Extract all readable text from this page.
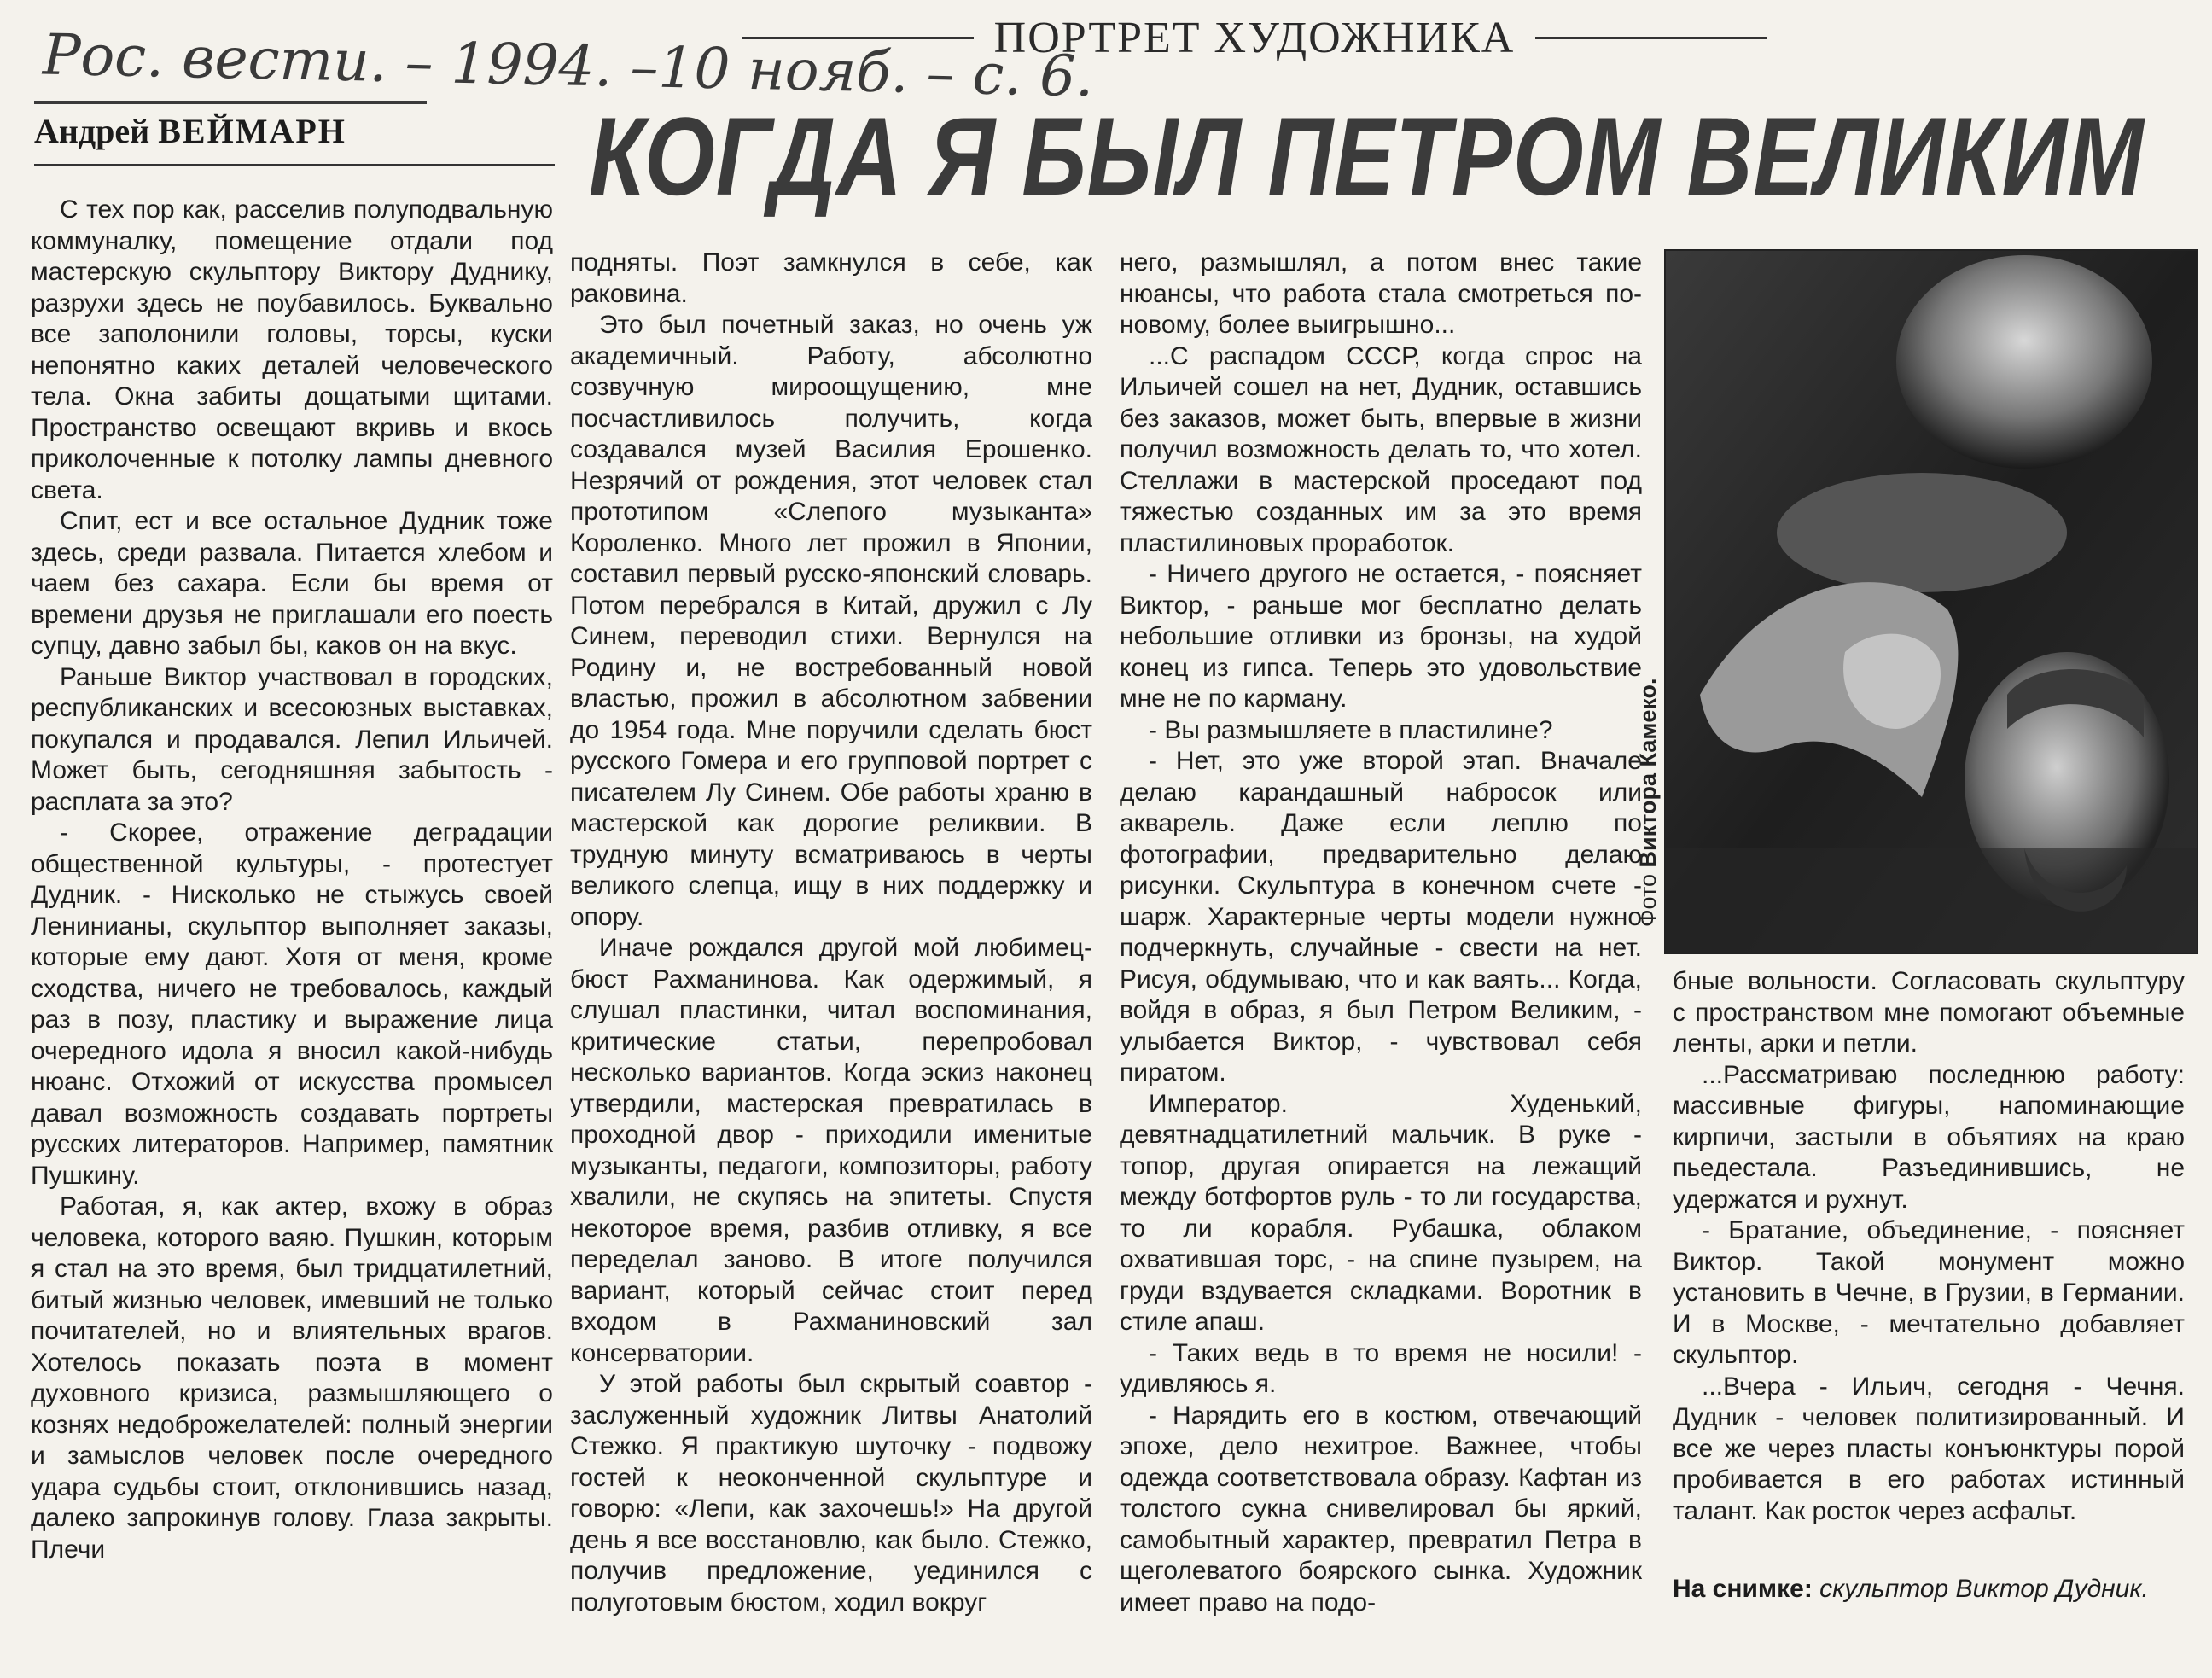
ПОРТРЕТ ХУДОЖНИКА
Рос. вести. – 1994. –10 нояб. – с. 6.
Андрей ВЕЙМАРН	КОГДА Я БЫЛ ПЕТРОМ ВЕЛИКИМ

С тех пор как, расселив полуподвальную коммуналку, помещение отдали под мастерскую скульптору Виктору Дуднику, разрухи здесь не поубавилось. Буквально все заполонили головы, торсы, куски непонятно каких деталей человеческого тела. Окна забиты дощатыми щитами. Пространство освещают вкривь и вкось приколоченные к потолку лампы дневного света.

Спит, ест и все остальное Дудник тоже здесь, среди развала. Питается хлебом и чаем без сахара. Если бы время от времени друзья не приглашали его поесть супцу, давно забыл бы, каков он на вкус.

Раньше Виктор участвовал в городских, республиканских и всесоюзных выставках, покупался и продавался. Лепил Ильичей. Может быть, сегодняшняя забытость - расплата за это?

- Скорее, отражение деградации общественной культуры, - протестует Дудник. - Нисколько не стыжусь своей Ленинианы, скульптор выполняет заказы, которые ему дают. Хотя от меня, кроме сходства, ничего не требовалось, каждый раз в позу, пластику и выражение лица очередного идола я вносил какой-нибудь нюанс. Отхожий от искусства промысел давал возможность создавать портреты русских литераторов. Например, памятник Пушкину.

Работая, я, как актер, вхожу в образ человека, которого ваяю. Пушкин, которым я стал на это время, был тридцатилетний, битый жизнью человек, имевший не только почитателей, но и влиятельных врагов. Хотелось показать поэта в момент духовного кризиса, размышляющего о кознях недоброжелателей: полный энергии и замыслов человек после очередного удара судьбы стоит, отклонившись назад, далеко запрокинув голову. Глаза закрыты. Плечи

подняты. Поэт замкнулся в себе, как раковина.

Это был почетный заказ, но очень уж академичный. Работу, абсолютно созвучную мироощущению, мне посчастливилось получить, когда создавался музей Василия Ерошенко. Незрячий от рождения, этот человек стал прототипом «Слепого музыканта» Короленко. Много лет прожил в Японии, составил первый русско-японский словарь. Потом перебрался в Китай, дружил с Лу Синем, переводил стихи. Вернулся на Родину и, не востребованный новой властью, прожил в абсолютном забвении до 1954 года. Мне поручили сделать бюст русского Гомера и его групповой портрет с писателем Лу Синем. Обе работы храню в мастерской как дорогие реликвии. В трудную минуту всматриваюсь в черты великого слепца, ищу в них поддержку и опору.

Иначе рождался другой мой любимец-бюст Рахманинова. Как одержимый, я слушал пластинки, читал воспоминания, критические статьи, перепробовал несколько вариантов. Когда эскиз наконец утвердили, мастерская превратилась в проходной двор - приходили именитые музыканты, педагоги, композиторы, работу хвалили, не скупясь на эпитеты. Спустя некоторое время, разбив отливку, я все переделал заново. В итоге получился вариант, который сейчас стоит перед входом в Рахманиновский зал консерватории.

У этой работы был скрытый соавтор - заслуженный художник Литвы Анатолий Стежко. Я практикую шуточку - подвожу гостей к неоконченной скульптуре и говорю: «Лепи, как захочешь!» На другой день я все восстановлю, как было. Стежко, получив предложение, уединился с полуготовым бюстом, ходил вокруг

него, размышлял, а потом внес такие нюансы, что работа стала смотреться по-новому, более выигрышно...

...С распадом СССР, когда спрос на Ильичей сошел на нет, Дудник, оставшись без заказов, может быть, впервые в жизни получил возможность делать то, что хотел. Стеллажи в мастерской проседают под тяжестью созданных им за это время пластилиновых проработок.

- Ничего другого не остается, - поясняет Виктор, - раньше мог бесплатно делать небольшие отливки из бронзы, на худой конец из гипса. Теперь это удовольствие мне не по карману.

- Вы размышляете в пластилине?

- Нет, это уже второй этап. Вначале делаю карандашный набросок или акварель. Даже если леплю по фотографии, предварительно делаю рисунки. Скульптура в конечном счете - шарж. Характерные черты модели нужно подчеркнуть, случайные - свести на нет. Рисуя, обдумываю, что и как ваять... Когда, войдя в образ, я был Петром Великим, - улыбается Виктор, - чувствовал себя пиратом.

Император. Худенький, девятнадцатилетний мальчик. В руке - топор, другая опирается на лежащий между ботфортов руль - то ли государства, то ли корабля. Рубашка, облаком охватившая торс, - на спине пузырем, на груди вздувается складками. Воротник в стиле апаш.

- Таких ведь в то время не носили! - удивляюсь я.

- Нарядить его в костюм, отвечающий эпохе, дело нехитрое. Важнее, чтобы одежда соответствовала образу. Кафтан из толстого сукна снивелировал бы яркий, самобытный характер, превратил Петра в щеголеватого боярского сынка. Художник имеет право на подо-

Фото Виктора Камеко.

бные вольности. Согласовать скульптуру с пространством мне помогают объемные ленты, арки и петли.

...Рассматриваю последнюю работу: массивные фигуры, напоминающие кирпичи, застыли в объятиях на краю пьедестала. Разъединившись, не удержатся и рухнут.

- Братание, объединение, - поясняет Виктор. Такой монумент можно установить в Чечне, в Грузии, в Германии. И в Москве, - мечтательно добавляет скульптор.

...Вчера - Ильич, сегодня - Чечня. Дудник - человек политизированный. И все же через пласты конъюнктуры порой пробивается в его работах истинный талант. Как росток через асфальт.

На снимке: скульптор Виктор Дудник.
